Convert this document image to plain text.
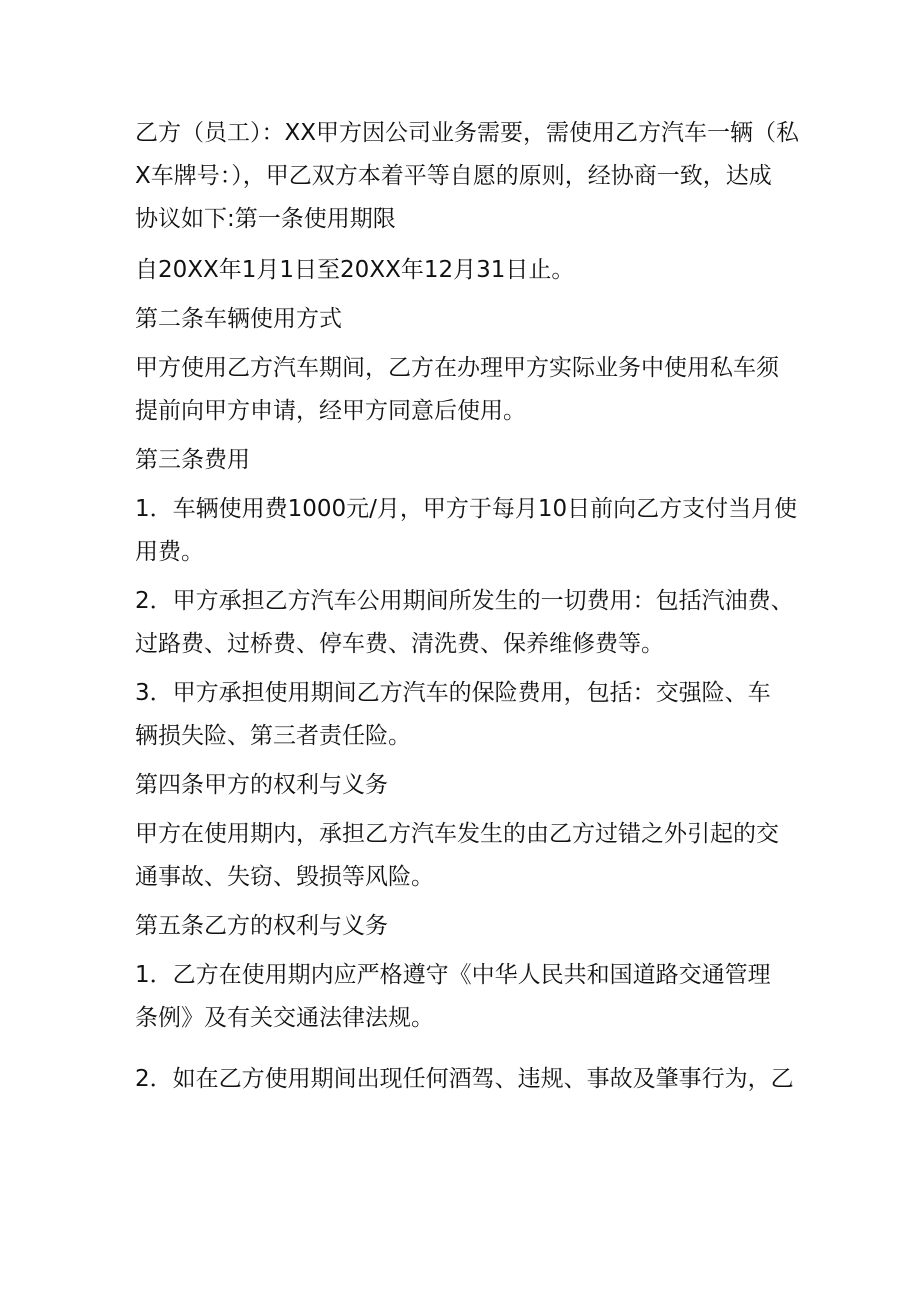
乙方（员工）：XX甲方因公司业务需要，需使用乙方汽车一辆（私
X车牌号：），甲乙双方本着平等自愿的原则，经协商一致，达成
协议如下:第一条使用期限

自20XX年1月1日至20XX年12月31日止。

第二条车辆使用方式

甲方使用乙方汽车期间，乙方在办理甲方实际业务中使用私车须
提前向甲方申请，经甲方同意后使用。

第三条费用

1．车辆使用费1000元/月，甲方于每月10日前向乙方支付当月使
用费。

2．甲方承担乙方汽车公用期间所发生的一切费用：包括汽油费、
过路费、过桥费、停车费、清洗费、保养维修费等。

3．甲方承担使用期间乙方汽车的保险费用，包括：交强险、车
辆损失险、第三者责任险。

第四条甲方的权利与义务

甲方在使用期内，承担乙方汽车发生的由乙方过错之外引起的交
通事故、失窃、毁损等风险。

第五条乙方的权利与义务

1．乙方在使用期内应严格遵守《中华人民共和国道路交通管理
条例》及有关交通法律法规。

2．如在乙方使用期间出现任何酒驾、违规、事故及肇事行为，乙
